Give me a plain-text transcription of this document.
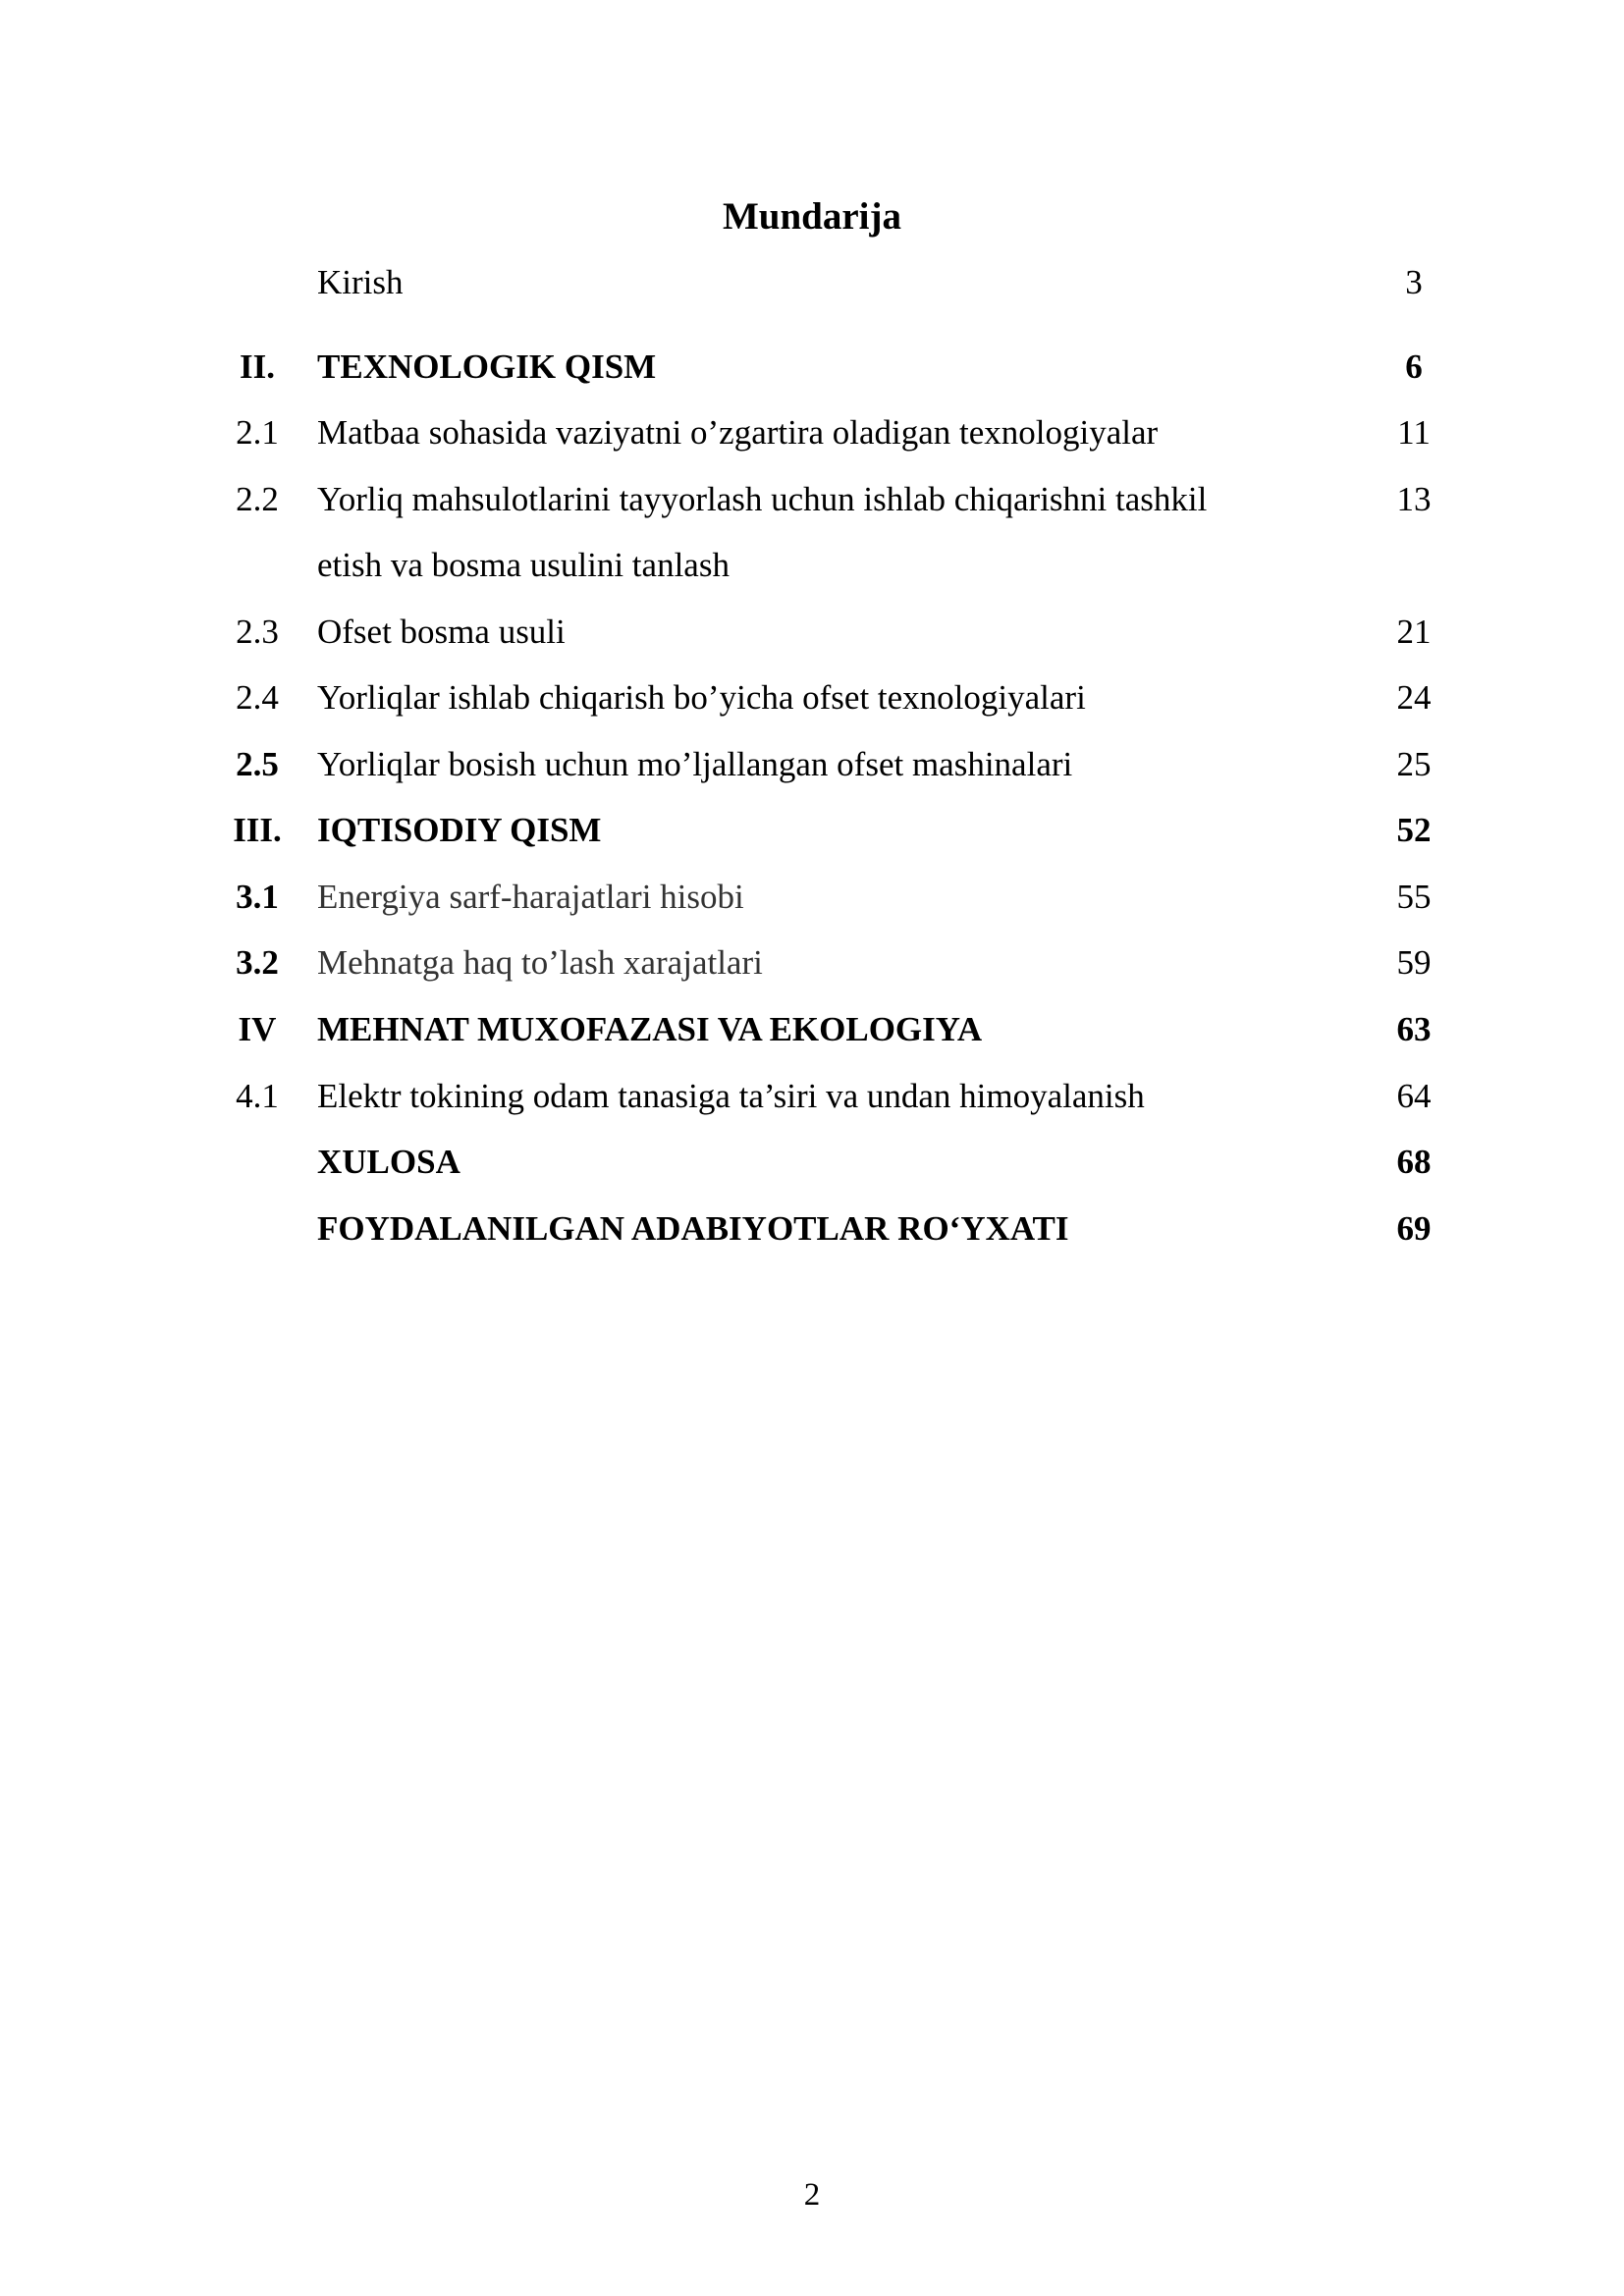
Mundarija
Kirish	3
II.	TEXNOLOGIK QISM	6
2.1	Matbaa sohasida vaziyatni o’zgartira oladigan texnologiyalar	11
2.2	Yorliq mahsulotlarini tayyorlash uchun ishlab chiqarishni tashkil	13
etish va bosma usulini tanlash
2.3	Ofset bosma usuli	21
2.4	Yorliqlar ishlab chiqarish bo’yicha ofset texnologiyalari	24
2.5	Yorliqlar bosish uchun mo’ljallangan ofset mashinalari	25
III. IQTISODIY QISM	52
3.1	Energiya sarf-harajatlari hisobi	55
3.2	Mehnatga haq to’lash xarajatlari	59
IV	MEHNAT MUXOFAZASI VA EKOLOGIYA	63
4.1	Elektr tokining odam tanasiga ta’siri va undan himoyalanish	64
XULOSA	68
FOYDALANILGAN ADABIYOTLAR RO‘YXATI	69
2
